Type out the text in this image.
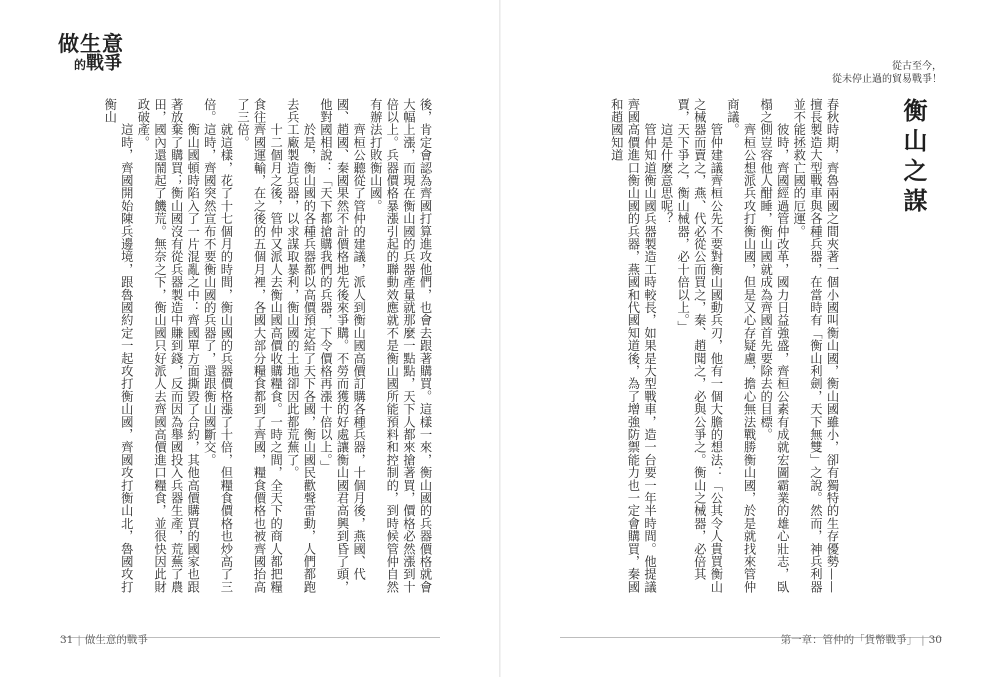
做生意
的戰爭	從古至今，
從未停止過的貿易戰爭！
衡山之謀
春秋時期，齊魯兩國之間夾著一個小國叫衡山國，衡山國雖小，卻有獨特的生存優勢——擅長製造大型戰車與各種兵器，在當時有「衡山利劍，天下無雙」之說。然而，神兵利器並不能拯救亡國的厄運。
　　彼時，齊國經過管仲改革，國力日益強盛，齊桓公素有成就宏圖霸業的雄心壯志，臥榻之側豈容他人酣睡，衡山國就成為齊國首先要除去的目標。
　　齊桓公想派兵攻打衡山國，但是又心存疑慮，擔心無法戰勝衡山國，於是就找來管仲商議。
　　管仲建議齊桓公先不要對衡山國動兵刃，他有一個大膽的想法：「公其令人貴買衡山之械器而賣之，燕、代必從公而買之，秦、趙聞之，必與公爭之。衡山之械器，必倍其賈，天下爭之，衡山械器，必十倍以上。」
　　這是什麼意思呢？
　　管仲知道衡山國兵器製造工時較長，如果是大型戰車，造一台要一年半時間。他提議齊國高價進口衡山國的兵器，燕國和代國知道後，為了增強防禦能力也一定會購買，秦國和趙國知道
後，肯定會認為齊國打算進攻他們，也會去跟著購買。這樣一來，衡山國的兵器價格就會大幅上漲，而現在衡山國的兵器產量就那麼一點點，天下人都來搶著買，價格必然漲到十倍以上。兵器價格暴漲引起的聯動效應就不是衡山國所能預料和控制的，到時候管仲自然有辦法打敗衡山國。
　　齊桓公聽從了管仲的建議，派人到衡山國高價訂購各種兵器，十個月後，燕國、代國、趙國、秦國果然不計價格地先後來爭購。不勞而獲的好處讓衡山國君高興到昏了頭，他對國相說：「天下都搶購我們的兵器，下令價格再漲十倍以上。」
　　於是，衡山國的各種兵器都以高價預定給了天下各國，衡山國民歡聲雷動，人們都跑去兵工廠製造兵器，以求謀取暴利，衡山國的土地卻因此都荒蕪了。
　　十二個月之後，管仲又派人去衡山國高價收購糧食。一時之間，全天下的商人都把糧食往齊國運輸，在之後的五個月裡，各國大部分糧食都到了齊國，糧食價格也被齊國抬高了三倍。
　　就這樣，花了十七個月的時間，衡山國的兵器價格漲了十倍，但糧食價格也炒高了三倍。這時，齊國突然宣布不要衡山國的兵器了，還跟衡山國斷交。
　　衡山國頓時陷入了一片混亂之中：齊國單方面撕毀了合約，其他高價購買的國家也跟著放棄了購買；衡山國沒有從兵器製造中賺到錢，反而因為舉國投入兵器生產，荒蕪了農田，國內還鬧起了饑荒。無奈之下，衡山國只好派人去齊國高價進口糧食，並很快因此財政破產。
　　這時，齊國開始陳兵邊境，跟魯國約定一起攻打衡山國，齊國攻打衡山北，魯國攻打衡山
31 | 做生意的戰爭	第一章：管仲的「貨幣戰爭」 | 30
